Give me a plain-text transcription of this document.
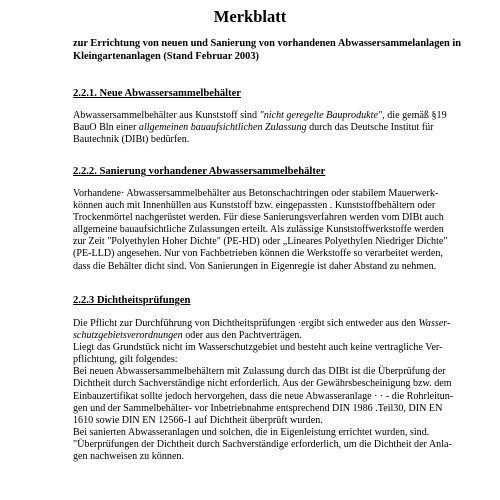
Merkblatt
zur Errichtung von neuen und Sanierung von vorhandenen Abwassersammelanlagen in
Kleingartenanlagen (Stand Februar 2003)
2.2.1. Neue Abwassersammelbehälter
Abwassersammelbehälter aus Kunststoff sind "nicht geregelte Bauprodukte", die gemäß §19
BauO Bln einer allgemeinen bauaufsichtlichen Zulassung durch das Deutsche Institut für
Bautechnik (DIBt) bedürfen.
2.2.2. Sanierung vorhandener Abwassersammelbehälter
Vorhandene· Abwassersammelbehälter aus Betonschachtringen oder stabilem Mauerwerk-
können auch mit Innenhüllen aus Kunststoff bzw. eingepassten . Kunststoffbehältern oder
Trockenmörtel nachgerüstet werden. Für diese Sanierungsverfahren werden vom DIBt auch
allgemeine bauaufsichtliche Zulassungen erteilt. Als zulässige Kunststoffwerkstoffe werden
zur Zeit "Polyethylen Hoher Dichte" (PE-HD) oder „Lineares Polyethylen Niedriger Dichte"
(PE-LLD) angesehen. Nur von Fachbetrieben können die Werkstoffe so verarbeitet werden,
dass die Behälter dicht sind. Von Sanierungen in Eigenregie ist daher Abstand zu nehmen.
2.2.3 Dichtheitsprüfungen
Die Pflicht zur Durchführung von Dichtheitsprüfungen ·ergibt sich entweder aus den Wasser-
schutzgebietsverordnungen oder aus den Pachtverträgen.
Liegt das Grundstück nicht im Wasserschutzgebiet und besteht auch keine vertragliche Ver-
pflichtung, gilt folgendes:
Bei neuen Abwassersammelbehältern mit Zulassung durch das DIBt ist die Überprüfung der
Dichtheit durch Sachverständige nicht erforderlich. Aus der Gewährsbescheinigung bzw. dem
Einbauzertifikat sollte jedoch hervorgehen, dass die neue Abwasseranlage · · - die Rohrleitun-
gen und der Sammelbehälter- vor Inbetriebnahme entsprechend DIN 1986 .Teil30, DIN EN
1610 sowie DIN EN 12566-1 auf Dichtheit überprüft wurden.
Bei sanierten Abwasseranlagen und solchen, die in Eigenleistung errichtet wurden, sind.
"Überprüfungen der Dichtheit durch Sachverständige erforderlich, um die Dichtheit der Anla-
gen nachweisen zu können.
